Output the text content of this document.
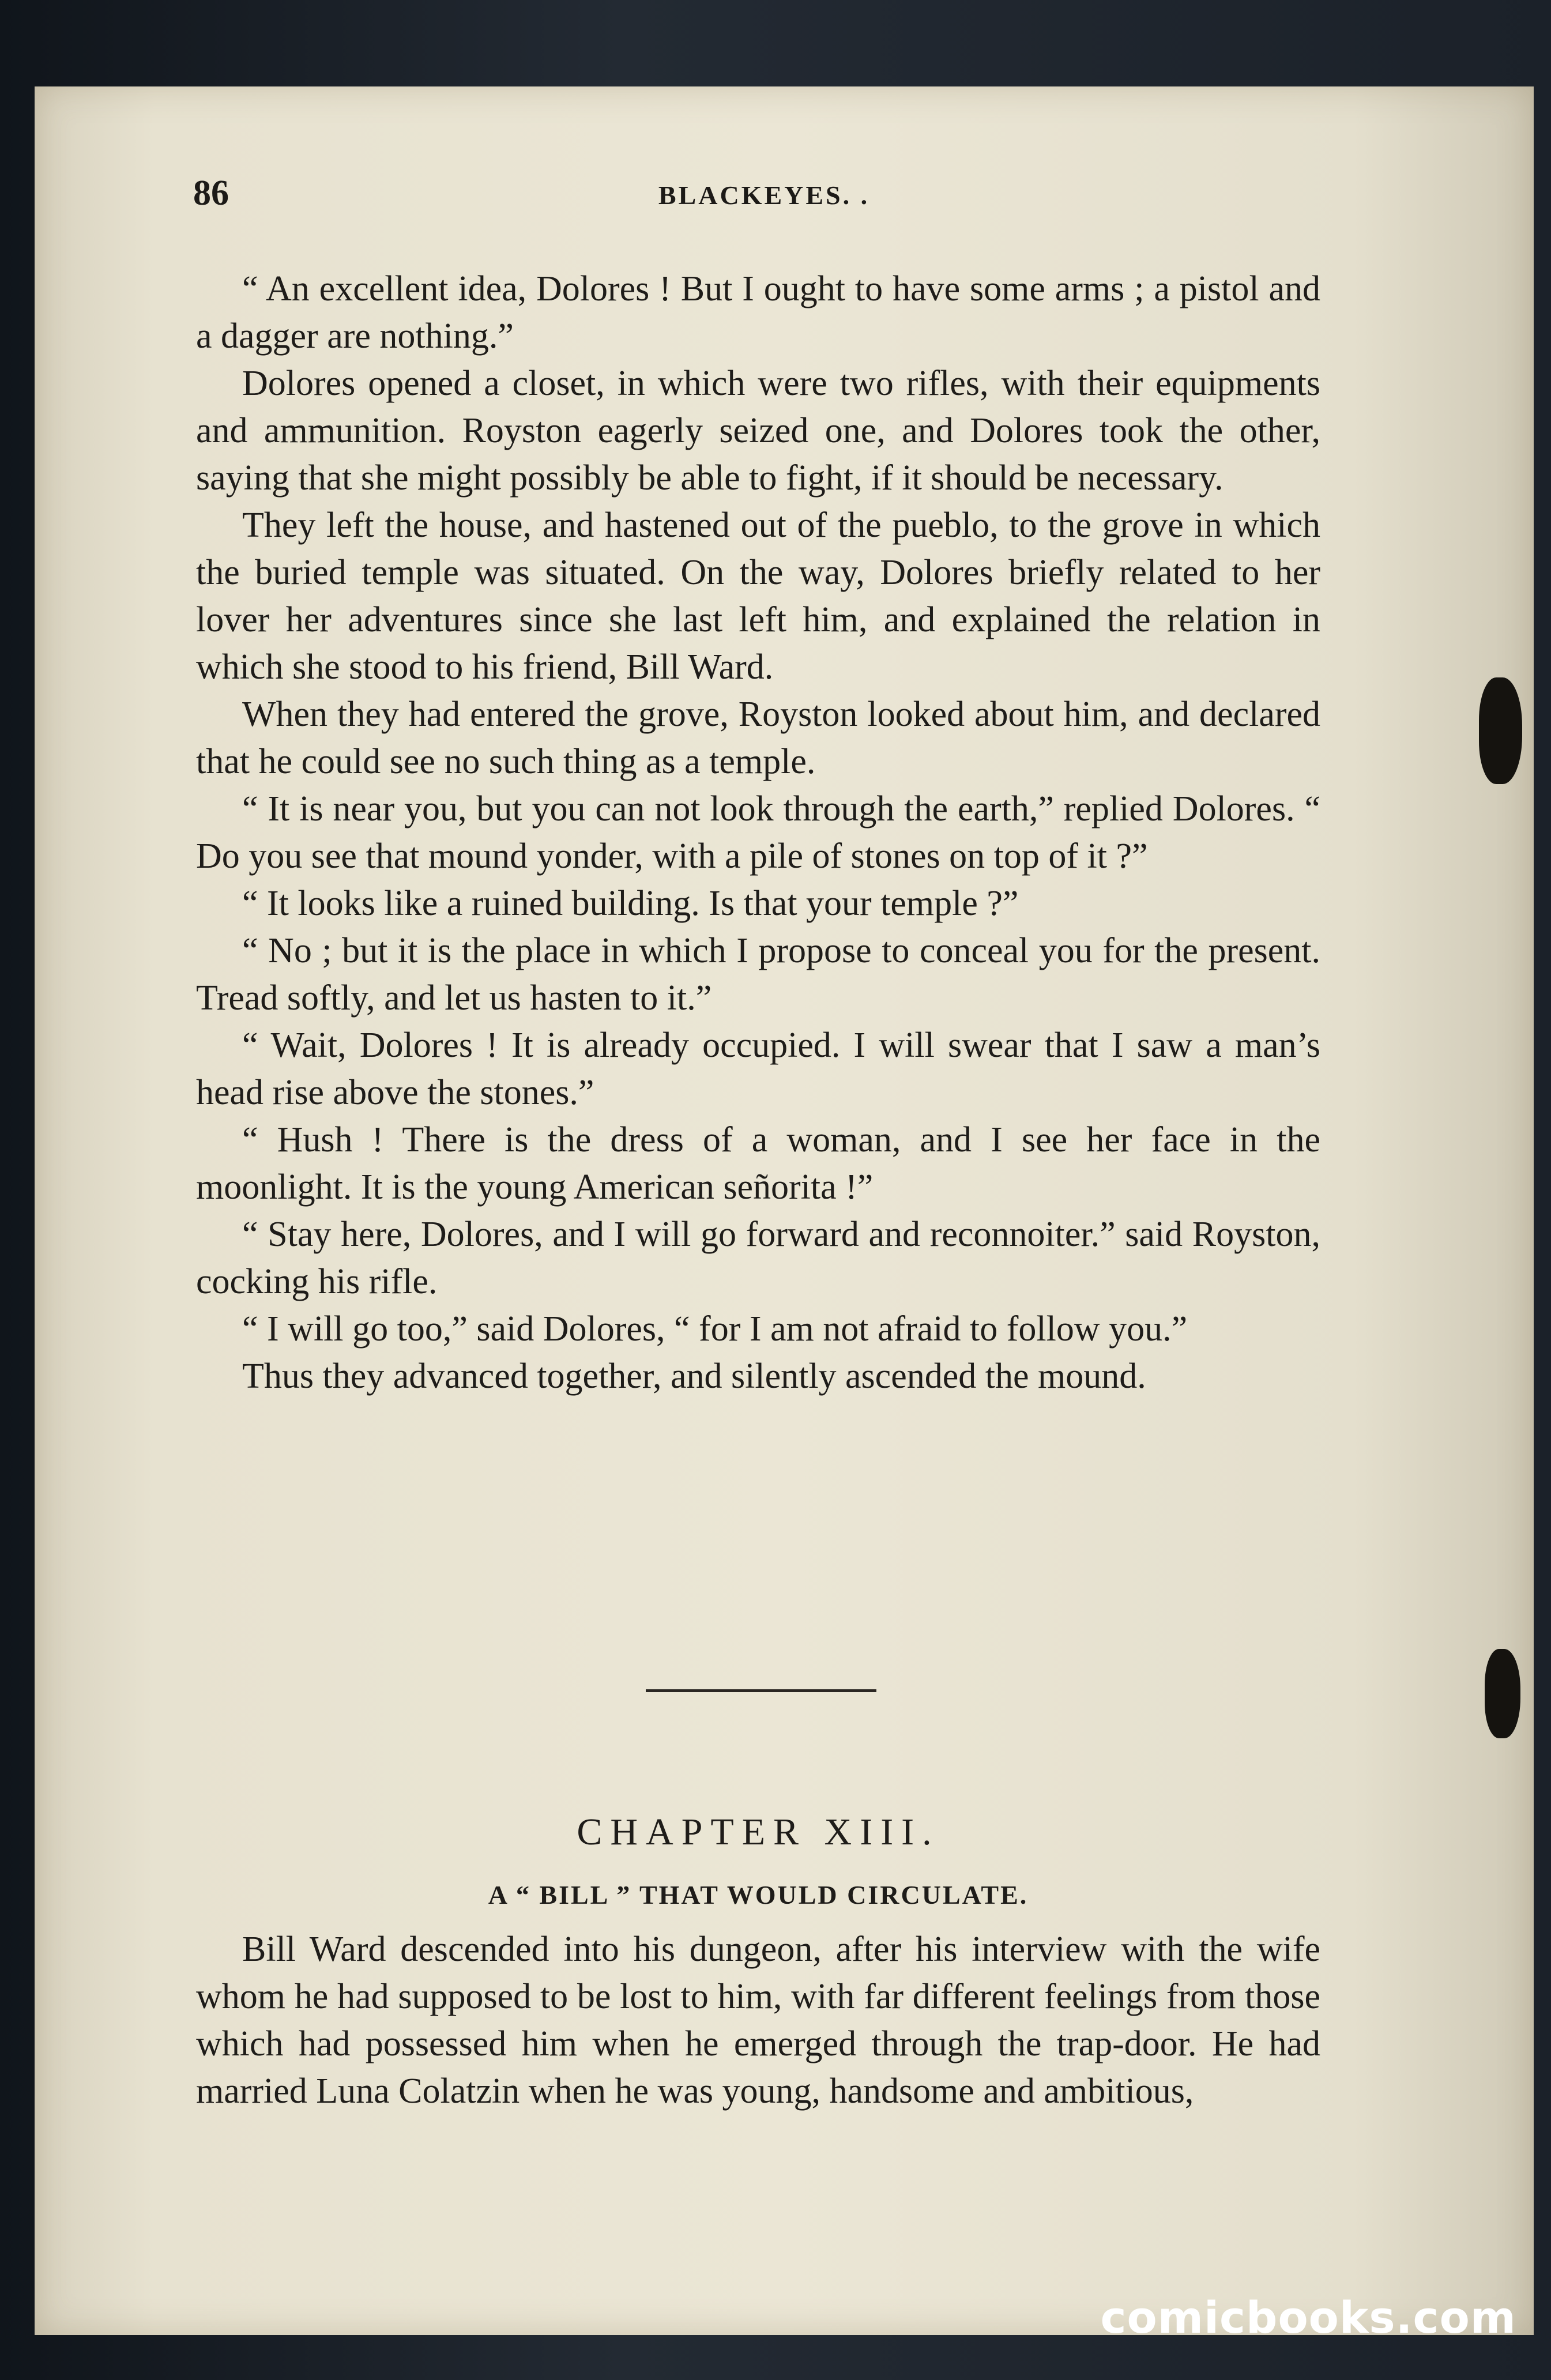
86	BLACKEYES. .

“ An excellent idea, Dolores ! But I ought to have some arms ; a pistol and a dagger are nothing.”

Dolores opened a closet, in which were two rifles, with their equipments and ammunition. Royston eagerly seized one, and Dolores took the other, saying that she might possibly be able to fight, if it should be necessary.

They left the house, and hastened out of the pueblo, to the grove in which the buried temple was situated. On the way, Dolores briefly related to her lover her adventures since she last left him, and explained the relation in which she stood to his friend, Bill Ward.

When they had entered the grove, Royston looked about him, and declared that he could see no such thing as a temple.

“ It is near you, but you can not look through the earth,” replied Dolores. “ Do you see that mound yonder, with a pile of stones on top of it ?”

“ It looks like a ruined building. Is that your temple ?”

“ No ; but it is the place in which I propose to conceal you for the present. Tread softly, and let us hasten to it.”

“ Wait, Dolores ! It is already occupied. I will swear that I saw a man’s head rise above the stones.”

“ Hush ! There is the dress of a woman, and I see her face in the moonlight. It is the young American señorita !”

“ Stay here, Dolores, and I will go forward and reconnoiter.” said Royston, cocking his rifle.

“ I will go too,” said Dolores, “ for I am not afraid to follow you.”

Thus they advanced together, and silently ascended the mound.

CHAPTER XIII.
A “ BILL ” THAT WOULD CIRCULATE.

Bill Ward descended into his dungeon, after his interview with the wife whom he had supposed to be lost to him, with far different feelings from those which had possessed him when he emerged through the trap-door. He had married Luna Colatzin when he was young, handsome and ambitious,

comicbooks.com
